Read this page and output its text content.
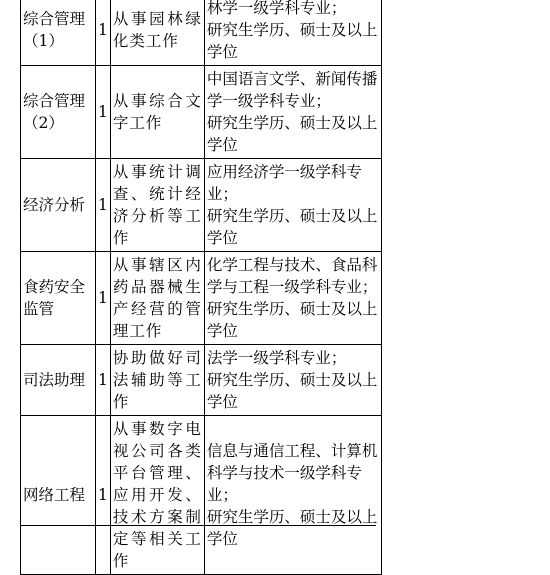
综合管理（1）	1	从事园林绿化类工作	林学一级学科专业；
研究生学历、硕士及以上学位

综合管理（2）	1	从事综合文字工作	中国语言文学、新闻传播学一级学科专业；
研究生学历、硕士及以上学位

经济分析	1	从事统计调查、统计经济分析等工作	应用经济学一级学科专业；
研究生学历、硕士及以上学位

食药安全监管	1	从事辖区内药品器械生产经营的管理工作	化学工程与技术、食品科学与工程一级学科专业；
研究生学历、硕士及以上学位

司法助理	1	协助做好司法辅助等工作	法学一级学科专业；
研究生学历、硕士及以上学位

网络工程	1	从事数字电视公司各类平台管理、应用开发、技术方案制定等相关工作	信息与通信工程、计算机科学与技术一级学科专业；
研究生学历、硕士及以上学位
